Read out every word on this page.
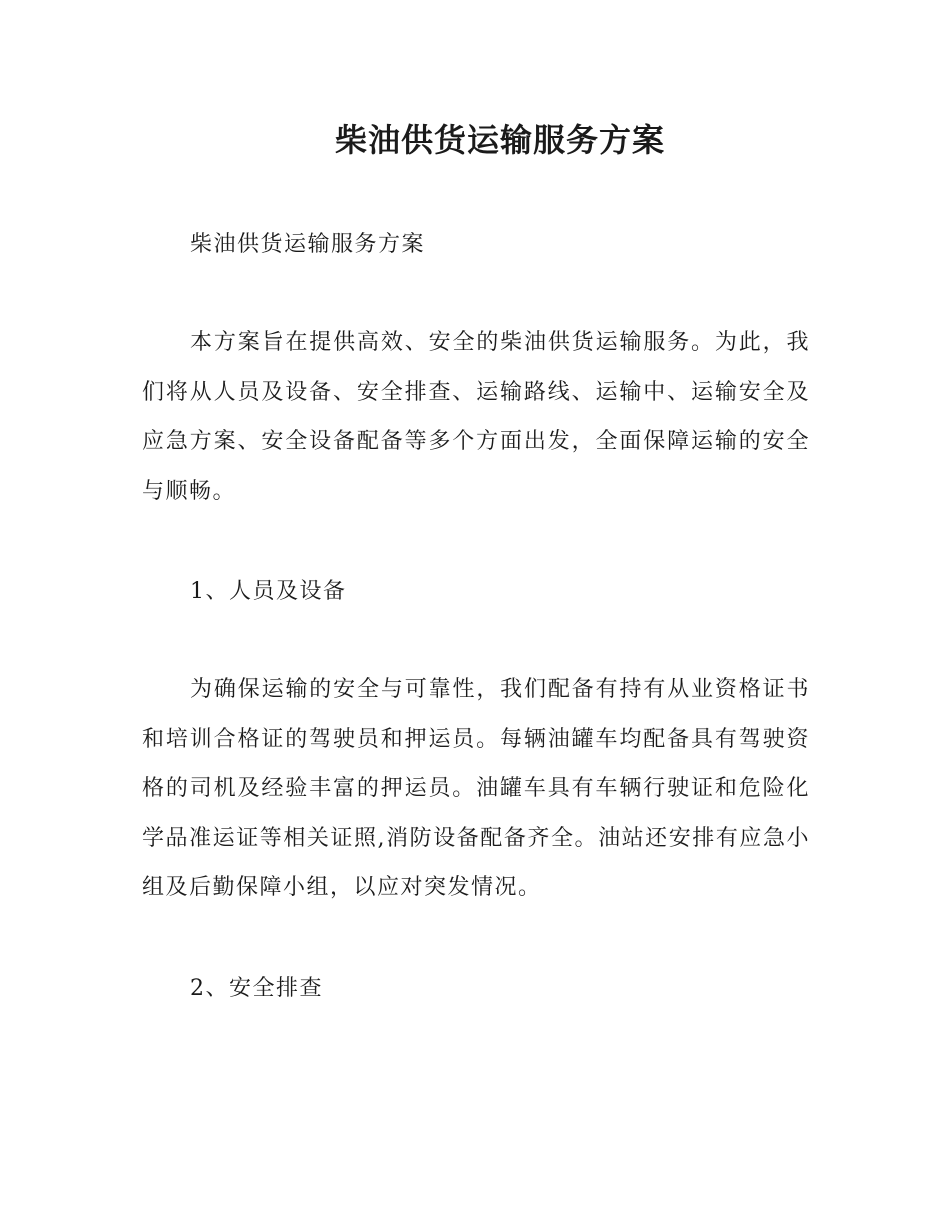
柴油供货运输服务方案

柴油供货运输服务方案

本方案旨在提供高效、安全的柴油供货运输服务。为此，我们将从人员及设备、安全排查、运输路线、运输中、运输安全及应急方案、安全设备配备等多个方面出发，全面保障运输的安全与顺畅。

1、人员及设备

为确保运输的安全与可靠性，我们配备有持有从业资格证书和培训合格证的驾驶员和押运员。每辆油罐车均配备具有驾驶资格的司机及经验丰富的押运员。油罐车具有车辆行驶证和危险化学品准运证等相关证照,消防设备配备齐全。油站还安排有应急小组及后勤保障小组，以应对突发情况。

2、安全排查
